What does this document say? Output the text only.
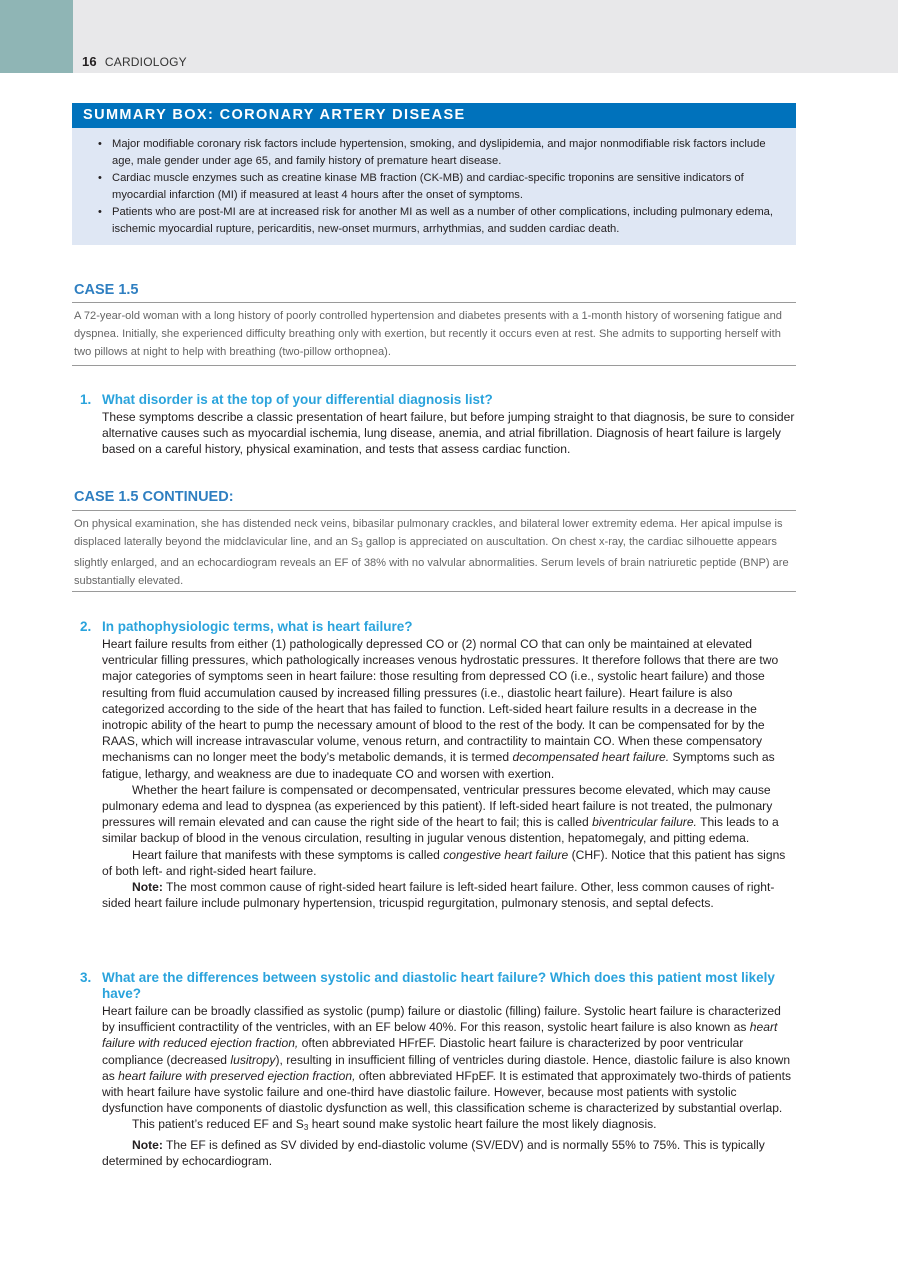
16 CARDIOLOGY
SUMMARY BOX: CORONARY ARTERY DISEASE
• Major modifiable coronary risk factors include hypertension, smoking, and dyslipidemia, and major nonmodifiable risk factors include age, male gender under age 65, and family history of premature heart disease.
• Cardiac muscle enzymes such as creatine kinase MB fraction (CK-MB) and cardiac-specific troponins are sensitive indicators of myocardial infarction (MI) if measured at least 4 hours after the onset of symptoms.
• Patients who are post-MI are at increased risk for another MI as well as a number of other complications, including pulmonary edema, ischemic myocardial rupture, pericarditis, new-onset murmurs, arrhythmias, and sudden cardiac death.
CASE 1.5
A 72-year-old woman with a long history of poorly controlled hypertension and diabetes presents with a 1-month history of worsening fatigue and dyspnea. Initially, she experienced difficulty breathing only with exertion, but recently it occurs even at rest. She admits to supporting herself with two pillows at night to help with breathing (two-pillow orthopnea).
1. What disorder is at the top of your differential diagnosis list?

These symptoms describe a classic presentation of heart failure, but before jumping straight to that diagnosis, be sure to consider alternative causes such as myocardial ischemia, lung disease, anemia, and atrial fibrillation. Diagnosis of heart failure is largely based on a careful history, physical examination, and tests that assess cardiac function.

CASE 1.5 CONTINUED:
On physical examination, she has distended neck veins, bibasilar pulmonary crackles, and bilateral lower extremity edema. Her apical impulse is displaced laterally beyond the midclavicular line, and an $S_3$ gallop is appreciated on auscultation. On chest x-ray, the cardiac silhouette appears slightly enlarged, and an echocardiogram reveals an EF of 38% with no valvular abnormalities. Serum levels of brain natriuretic peptide (BNP) are substantially elevated.
2. In pathophysiologic terms, what is heart failure?

Heart failure results from either (1) pathologically depressed CO or (2) normal CO that can only be maintained at elevated ventricular filling pressures, which pathologically increases venous hydrostatic pressures. It therefore follows that there are two major categories of symptoms seen in heart failure: those resulting from depressed CO (i.e., systolic heart failure) and those resulting from fluid accumulation caused by increased filling pressures (i.e., diastolic heart failure). Heart failure is also categorized according to the side of the heart that has failed to function. Left-sided heart failure results in a decrease in the inotropic ability of the heart to pump the necessary amount of blood to the rest of the body. It can be compensated for by the RAAS, which will increase intravascular volume, venous return, and contractility to maintain CO. When these compensatory mechanisms can no longer meet the body’s metabolic demands, it is termed decompensated heart failure. Symptoms such as fatigue, lethargy, and weakness are due to inadequate CO and worsen with exertion.

Whether the heart failure is compensated or decompensated, ventricular pressures become elevated, which may cause pulmonary edema and lead to dyspnea (as experienced by this patient). If left-sided heart failure is not treated, the pulmonary pressures will remain elevated and can cause the right side of the heart to fail; this is called biventricular failure. This leads to a similar backup of blood in the venous circulation, resulting in jugular venous distention, hepatomegaly, and pitting edema.

Heart failure that manifests with these symptoms is called congestive heart failure (CHF). Notice that this patient has signs of both left- and right-sided heart failure.

Note: The most common cause of right-sided heart failure is left-sided heart failure. Other, less common causes of right-sided heart failure include pulmonary hypertension, tricuspid regurgitation, pulmonary stenosis, and septal defects.

3. What are the differences between systolic and diastolic heart failure? Which does this patient most likely have?

Heart failure can be broadly classified as systolic (pump) failure or diastolic (filling) failure. Systolic heart failure is characterized by insufficient contractility of the ventricles, with an EF below 40%. For this reason, systolic heart failure is also known as heart failure with reduced ejection fraction, often abbreviated HFrEF. Diastolic heart failure is characterized by poor ventricular compliance (decreased lusitropy), resulting in insufficient filling of ventricles during diastole. Hence, diastolic failure is also known as heart failure with preserved ejection fraction, often abbreviated HFpEF. It is estimated that approximately two-thirds of patients with heart failure have systolic failure and one-third have diastolic failure. However, because most patients with systolic dysfunction have components of diastolic dysfunction as well, this classification scheme is characterized by substantial overlap.

This patient’s reduced EF and $S_3$ heart sound make systolic heart failure the most likely diagnosis.

Note: The EF is defined as SV divided by end-diastolic volume (SV/EDV) and is normally 55% to 75%. This is typically determined by echocardiogram.
